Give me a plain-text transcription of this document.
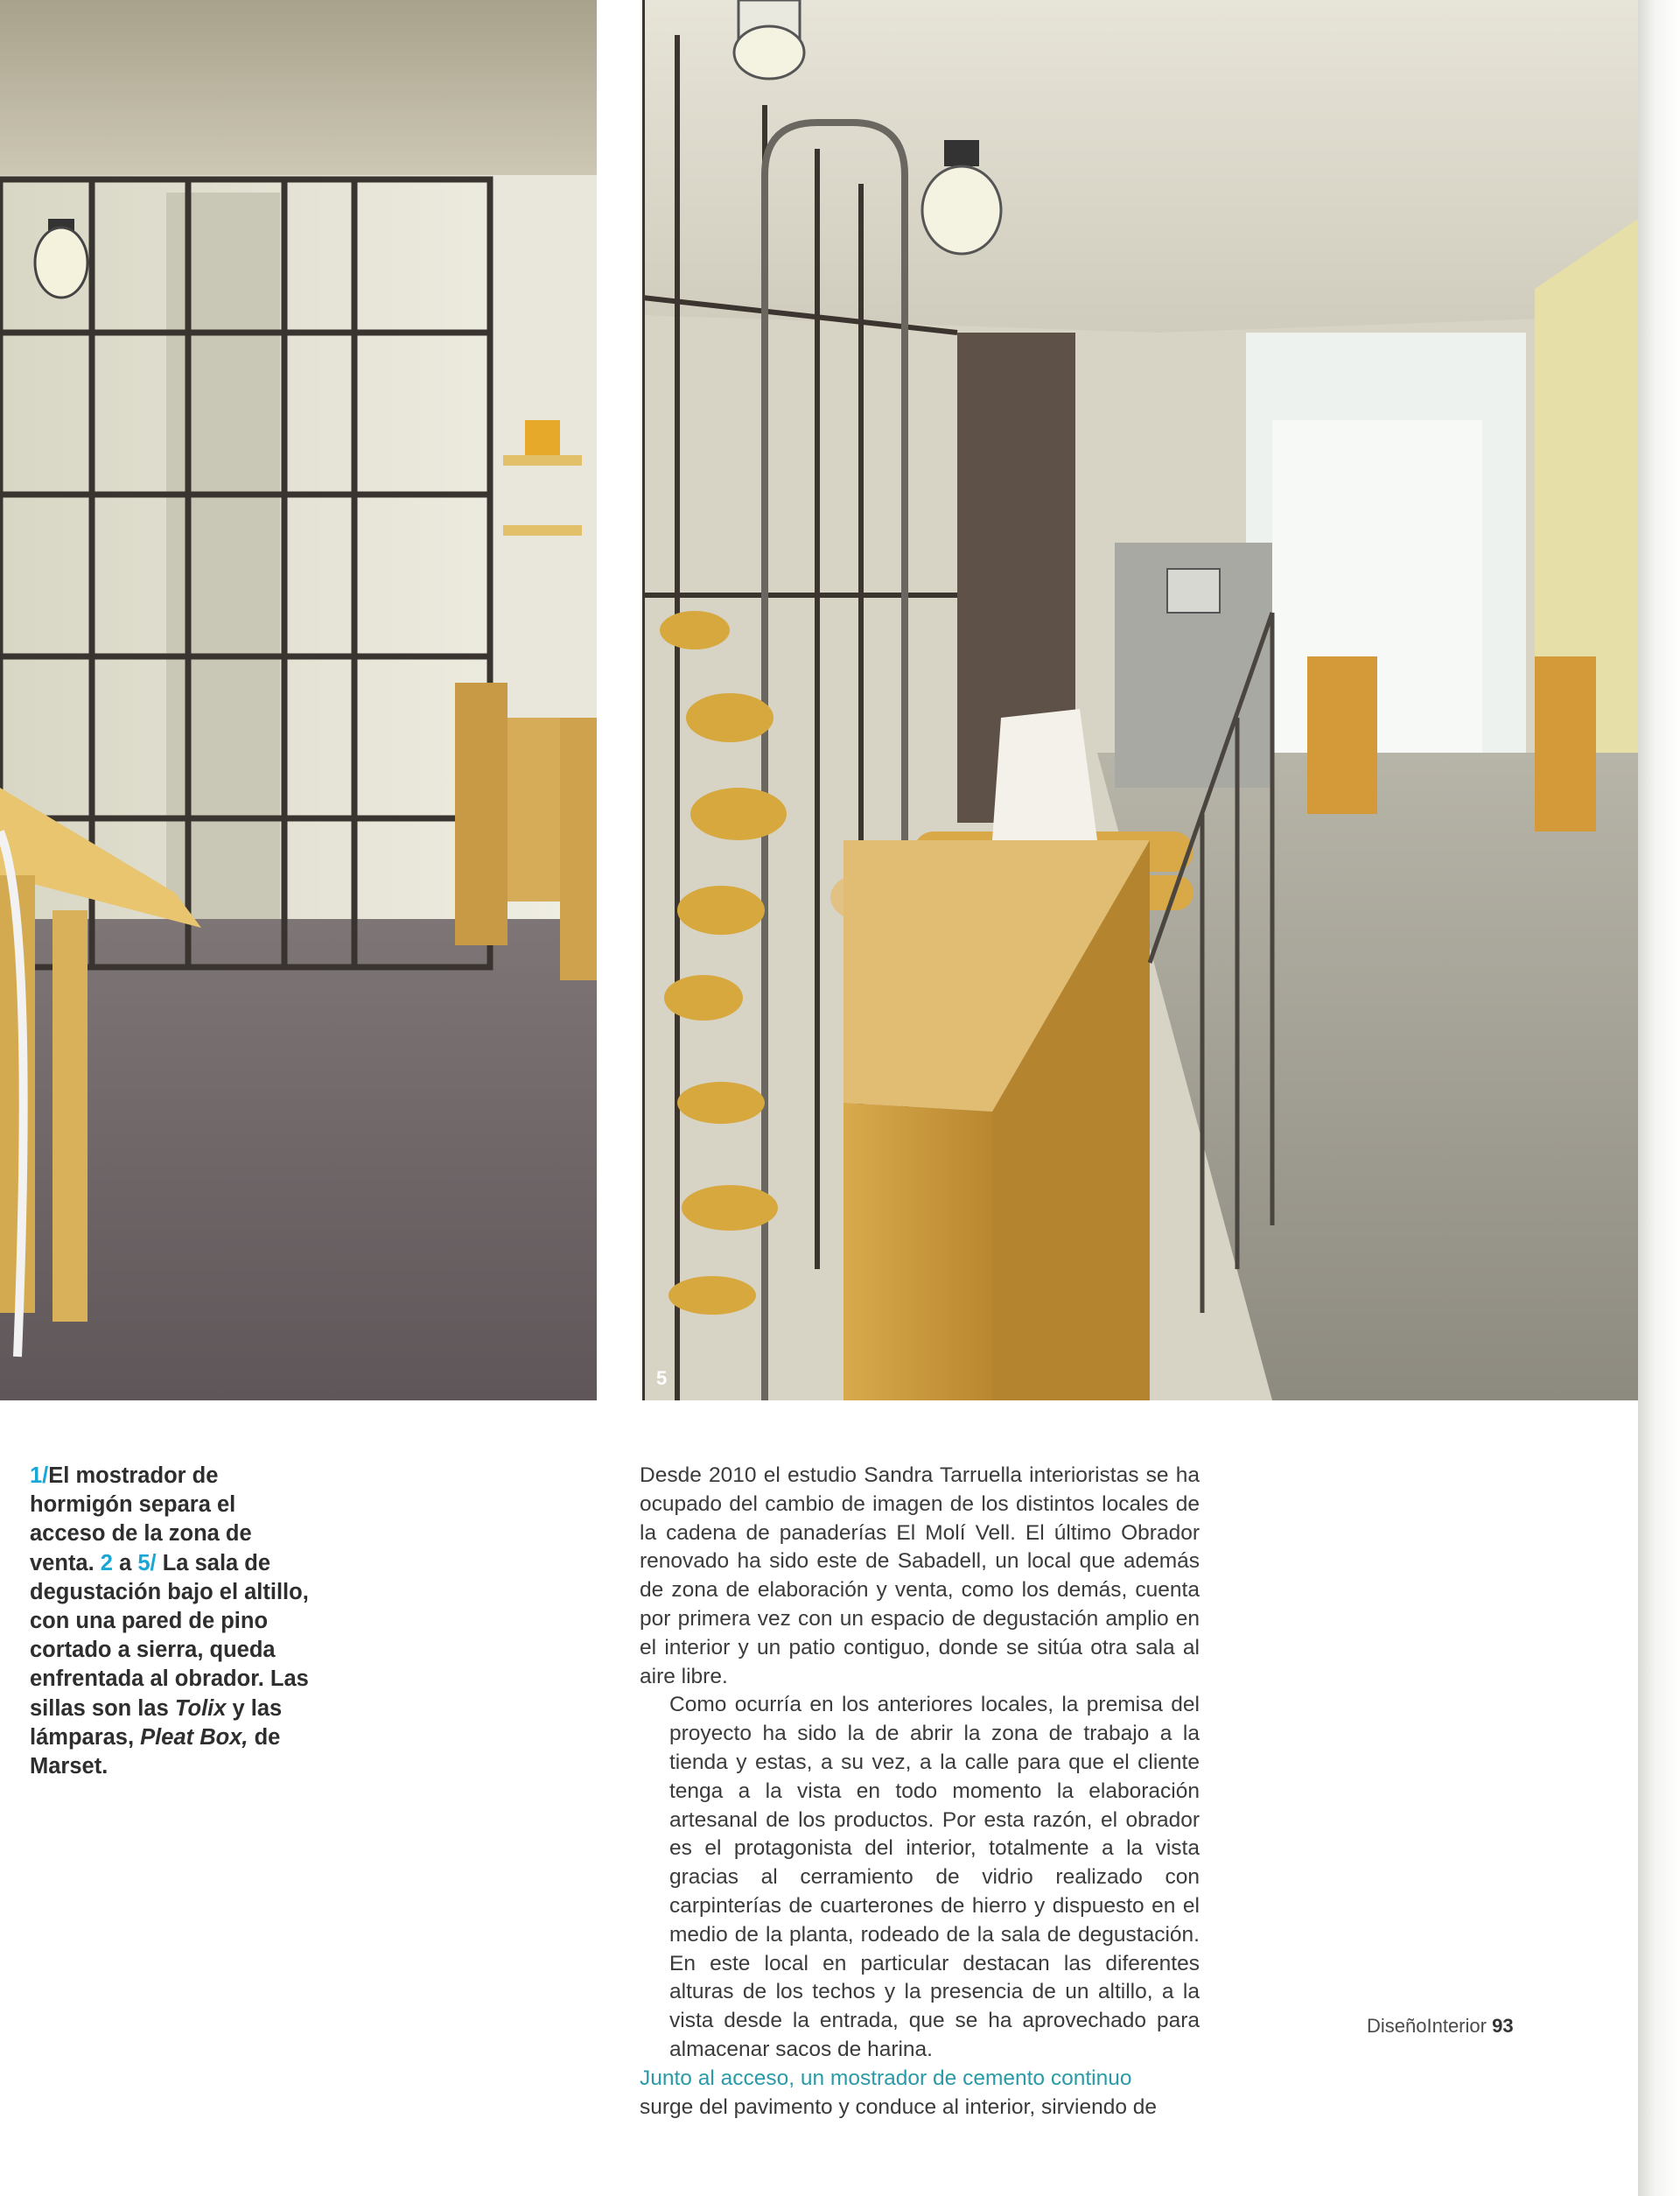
5
1/El mostrador de hormigón separa el acceso de la zona de venta. 2 a 5/ La sala de degustación bajo el altillo, con una pared de pino cortado a sierra, queda enfrentada al obrador. Las sillas son las Tolix y las lámparas, Pleat Box, de Marset.
Desde 2010 el estudio Sandra Tarruella interioristas se ha ocupado del cambio de imagen de los distintos locales de la cadena de panaderías El Molí Vell. El último Obrador renovado ha sido este de Sabadell, un local que además de zona de elaboración y venta, como los demás, cuenta por primera vez con un espacio de degustación amplio en el interior y un patio contiguo, donde se sitúa otra sala al aire libre.
Como ocurría en los anteriores locales, la premisa del proyecto ha sido la de abrir la zona de trabajo a la tienda y estas, a su vez, a la calle para que el cliente tenga a la vista en todo momento la elaboración artesanal de los productos. Por esta razón, el obrador es el protagonista del interior, totalmente a la vista gracias al cerramiento de vidrio realizado con carpinterías de cuarterones de hierro y dispuesto en el medio de la planta, rodeado de la sala de degustación. En este local en particular destacan las diferentes alturas de los techos y la presencia de un altillo, a la vista desde la entrada, que se ha aprovechado para almacenar sacos de harina.
Junto al acceso, un mostrador de cemento continuo
surge del pavimento y conduce al interior, sirviendo de
DiseñoInterior 93
